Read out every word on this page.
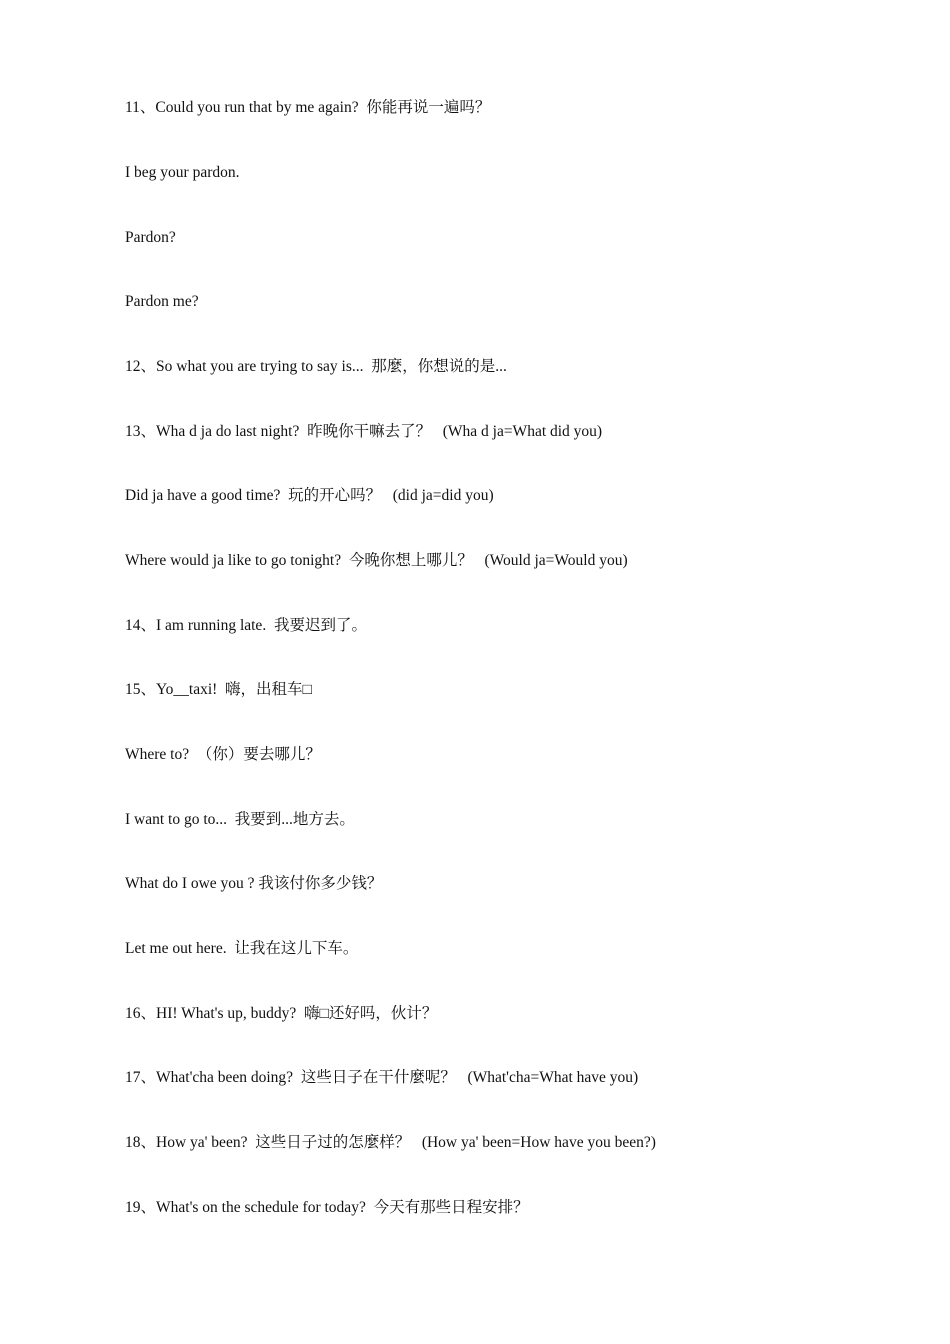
11、Could you run that by me again?  你能再说一遍吗？

I beg your pardon.

Pardon?

Pardon me?

12、So what you are trying to say is...  那麼，你想说的是...

13、Wha d ja do last night?  昨晚你干嘛去了？   (Wha d ja=What did you)

Did ja have a good time?  玩的开心吗？   (did ja=did you)

Where would ja like to go tonight?  今晚你想上哪儿？   (Would ja=Would you)

14、I am running late.  我要迟到了。

15、Yo__taxi!  嗨，出租车□

Where to?  （你）要去哪儿？

I want to go to...  我要到...地方去。

What do I owe you ? 我该付你多少钱？

Let me out here.  让我在这儿下车。

16、HI! What's up, buddy?  嗨□还好吗，伙计？

17、What'cha been doing?  这些日子在干什麼呢？   (What'cha=What have you)

18、How ya' been?  这些日子过的怎麼样？   (How ya' been=How have you been?)

19、What's on the schedule for today?  今天有那些日程安排？
